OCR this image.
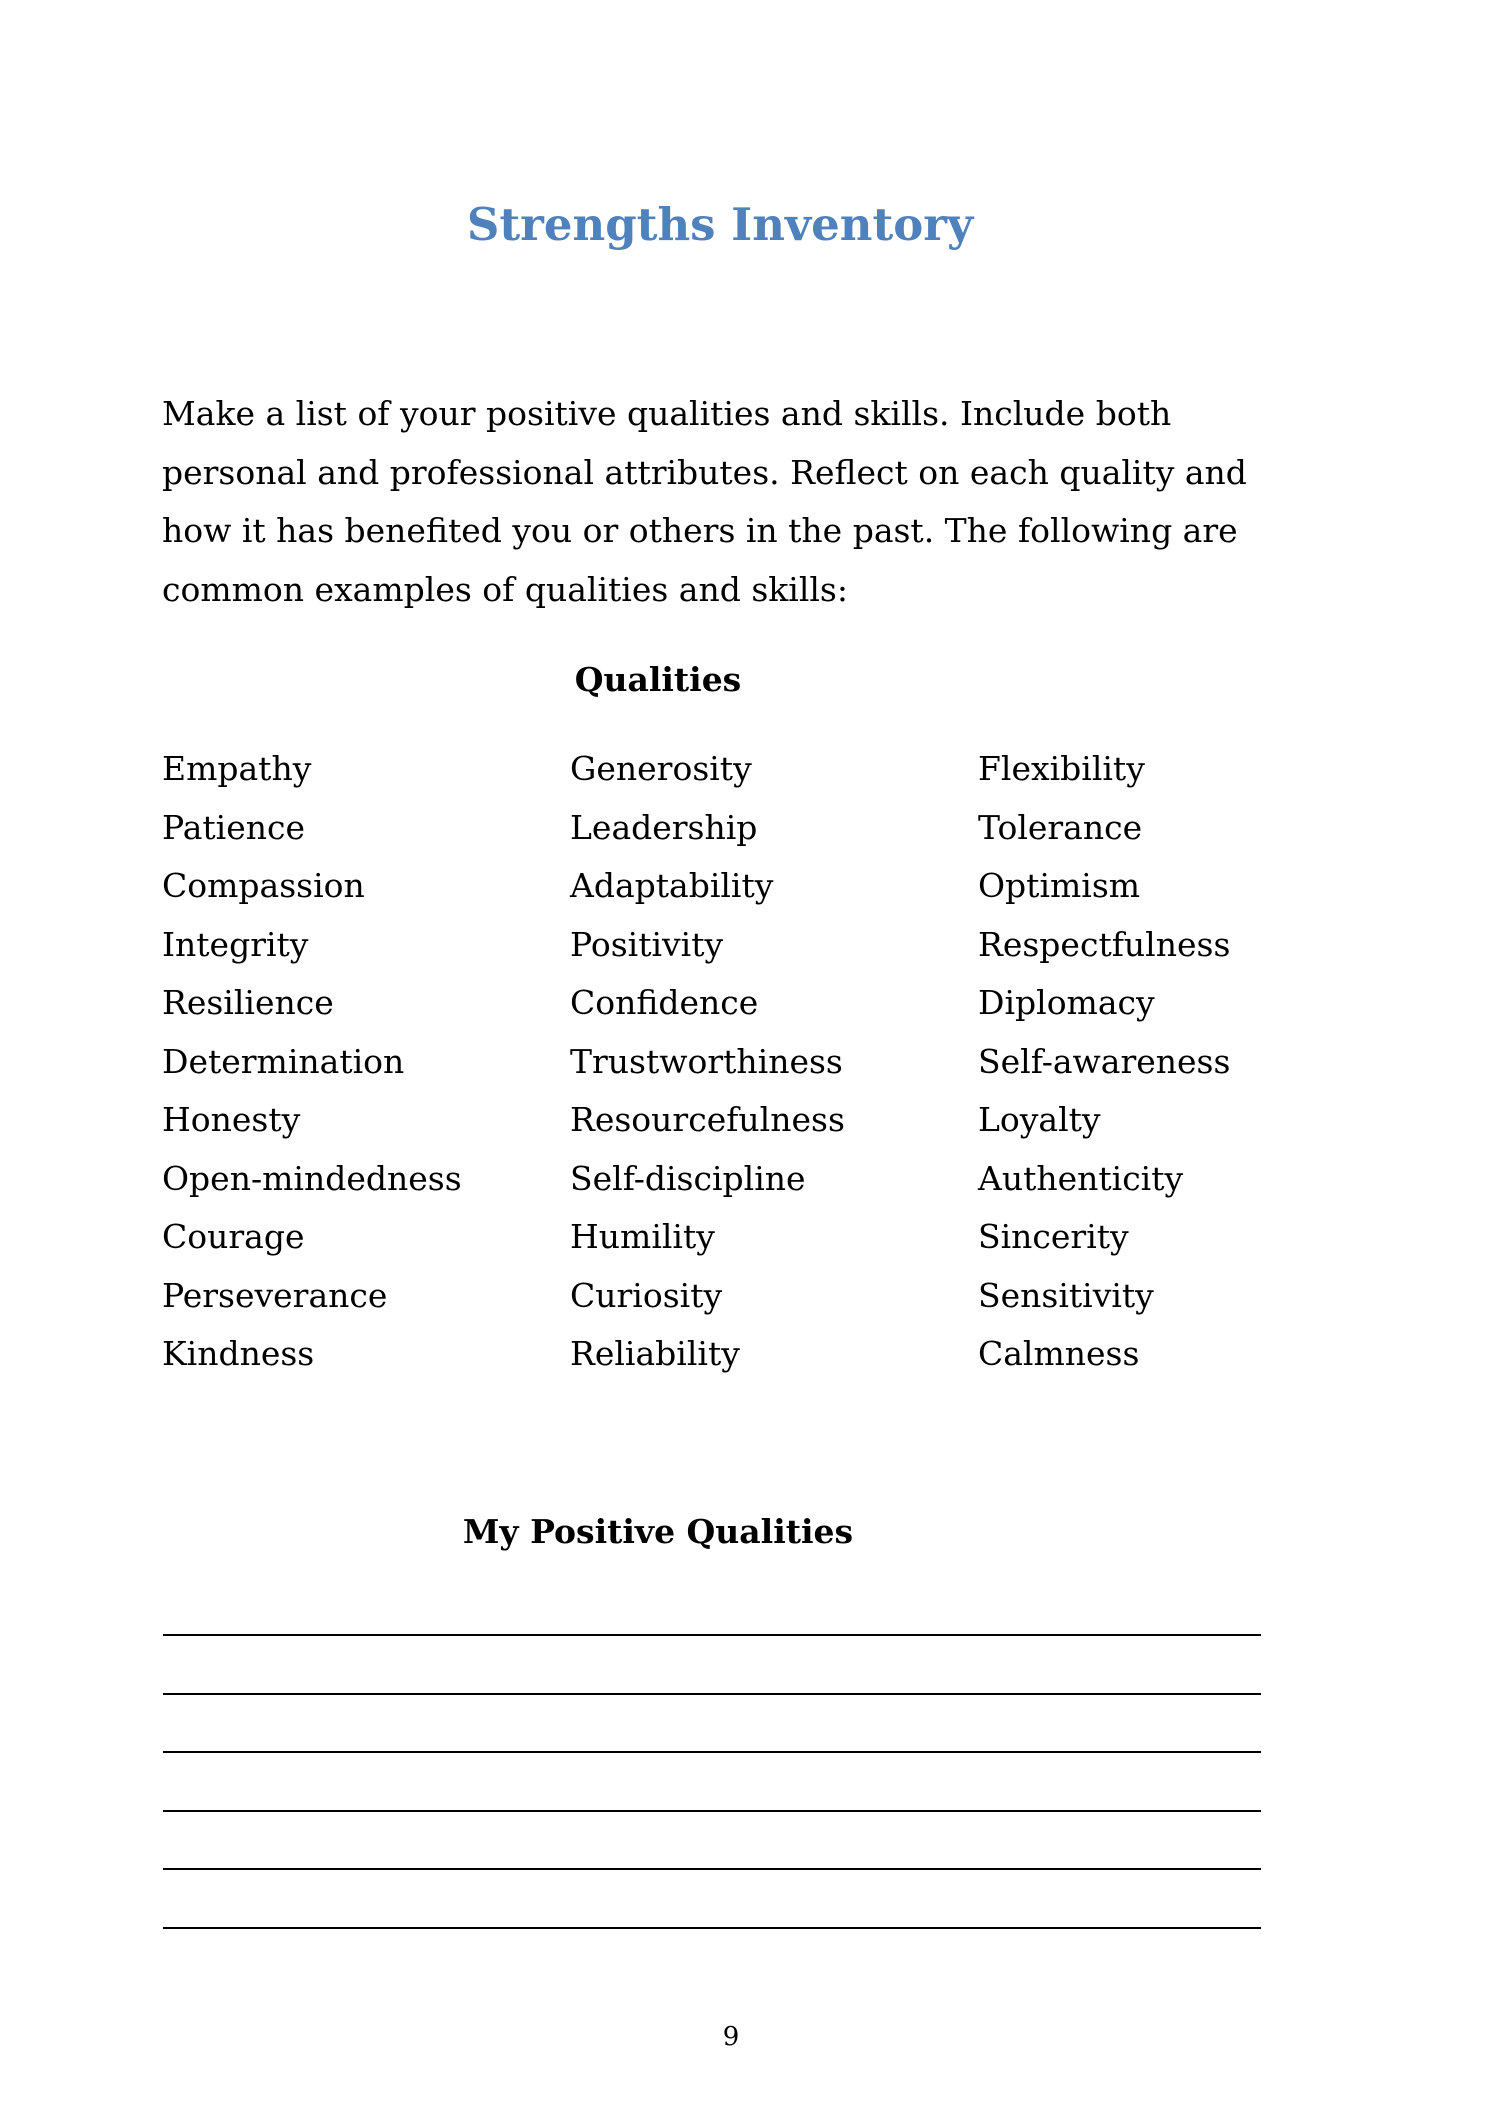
Strengths Inventory

Make a list of your positive qualities and skills. Include both personal and professional attributes. Reflect on each quality and how it has benefited you or others in the past. The following are common examples of qualities and skills:

Qualities
Empathy	Generosity	Flexibility
Patience	Leadership	Tolerance
Compassion	Adaptability	Optimism
Integrity	Positivity	Respectfulness
Resilience	Confidence	Diplomacy
Determination	Trustworthiness	Self-awareness
Honesty	Resourcefulness	Loyalty
Open-mindedness	Self-discipline	Authenticity
Courage	Humility	Sincerity
Perseverance	Curiosity	Sensitivity
Kindness	Reliability	Calmness
My Positive Qualities
9
